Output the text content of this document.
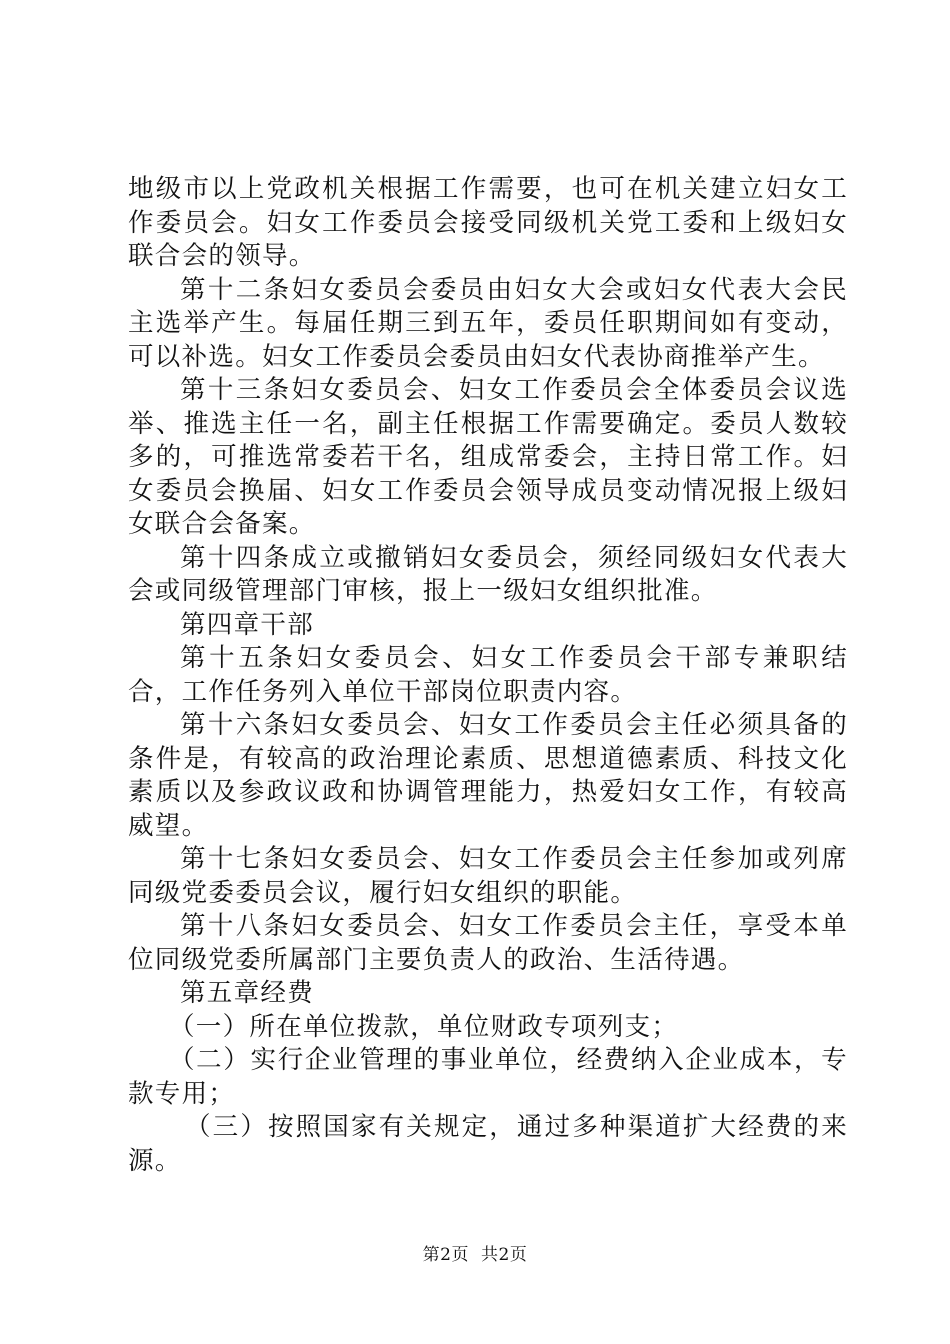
地级市以上党政机关根据工作需要，也可在机关建立妇女工作委员会。妇女工作委员会接受同级机关党工委和上级妇女联合会的领导。

第十二条妇女委员会委员由妇女大会或妇女代表大会民主选举产生。每届任期三到五年，委员任职期间如有变动，可以补选。妇女工作委员会委员由妇女代表协商推举产生。

第十三条妇女委员会、妇女工作委员会全体委员会议选举、推选主任一名，副主任根据工作需要确定。委员人数较多的，可推选常委若干名，组成常委会，主持日常工作。妇女委员会换届、妇女工作委员会领导成员变动情况报上级妇女联合会备案。

第十四条成立或撤销妇女委员会，须经同级妇女代表大会或同级管理部门审核，报上一级妇女组织批准。

第四章干部

第十五条妇女委员会、妇女工作委员会干部专兼职结合，工作任务列入单位干部岗位职责内容。

第十六条妇女委员会、妇女工作委员会主任必须具备的条件是，有较高的政治理论素质、思想道德素质、科技文化素质以及参政议政和协调管理能力，热爱妇女工作，有较高威望。

第十七条妇女委员会、妇女工作委员会主任参加或列席同级党委委员会议，履行妇女组织的职能。

第十八条妇女委员会、妇女工作委员会主任，享受本单位同级党委所属部门主要负责人的政治、生活待遇。

第五章经费

（一）所在单位拨款，单位财政专项列支；

（二）实行企业管理的事业单位，经费纳入企业成本，专款专用；

（三）按照国家有关规定，通过多种渠道扩大经费的来源。

第2页 共2页
